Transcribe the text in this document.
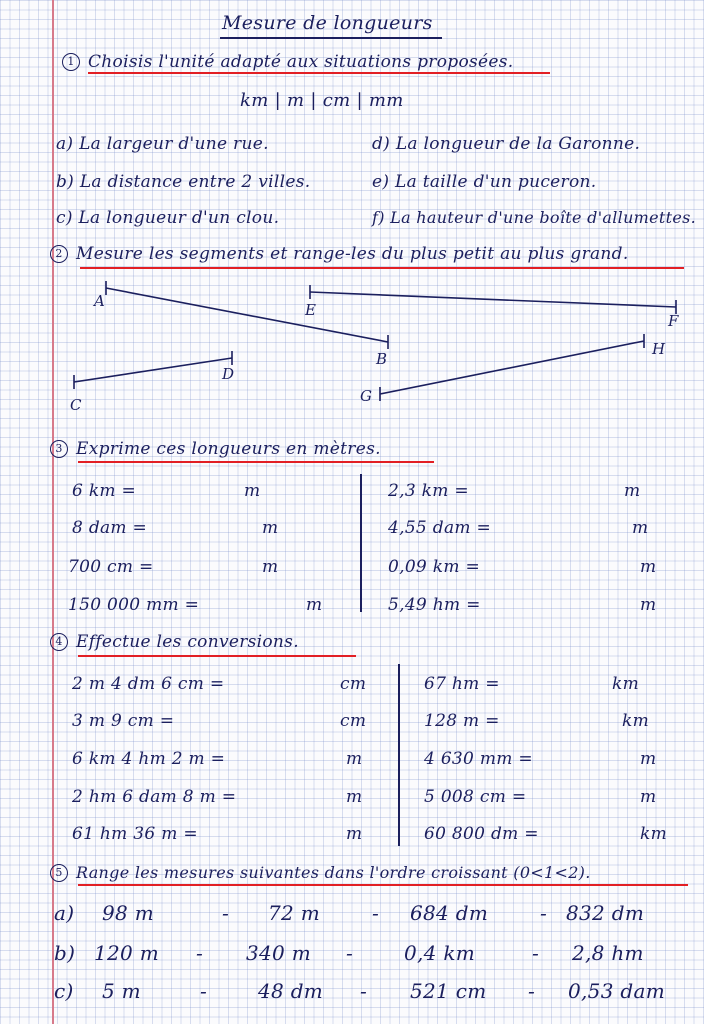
Mesure de longueurs
1 Choisis l'unité adapté aux situations proposées.
km | m | cm | mm
a) La largeur d'une rue.	d) La longueur de la Garonne.
b) La distance entre 2 villes.	e) La taille d'un puceron.
c) La longueur d'un clou.	f) La hauteur d'une boîte d'allumettes.
2 Mesure les segments et range-les du plus petit au plus grand.
A
B
C
D
E
F
G
H
3 Exprime ces longueurs en mètres.
6 km =	m
8 dam =	m
700 cm =	m
150 000 mm =	m
2,3 km =	m
4,55 dam =	m
0,09 km =	m
5,49 hm =	m
4 Effectue les conversions.
2 m 4 dm 6 cm =	cm
3 m 9 cm =	cm
6 km 4 hm 2 m =	m
2 hm 6 dam 8 m =	m
61 hm 36 m =	m
67 hm =	km
128 m =	km
4 630 mm =	m
5 008 cm =	m
60 800 dm =	km
5 Range les mesures suivantes dans l'ordre croissant (0<1<2).
a) 98 m	- 72 m	- 684 dm	- 832 dm
b) 120 m - 340 m -	0,4 km	- 2,8 hm
c) 5 m	-	48 dm - 521 cm - 0,53 dam
